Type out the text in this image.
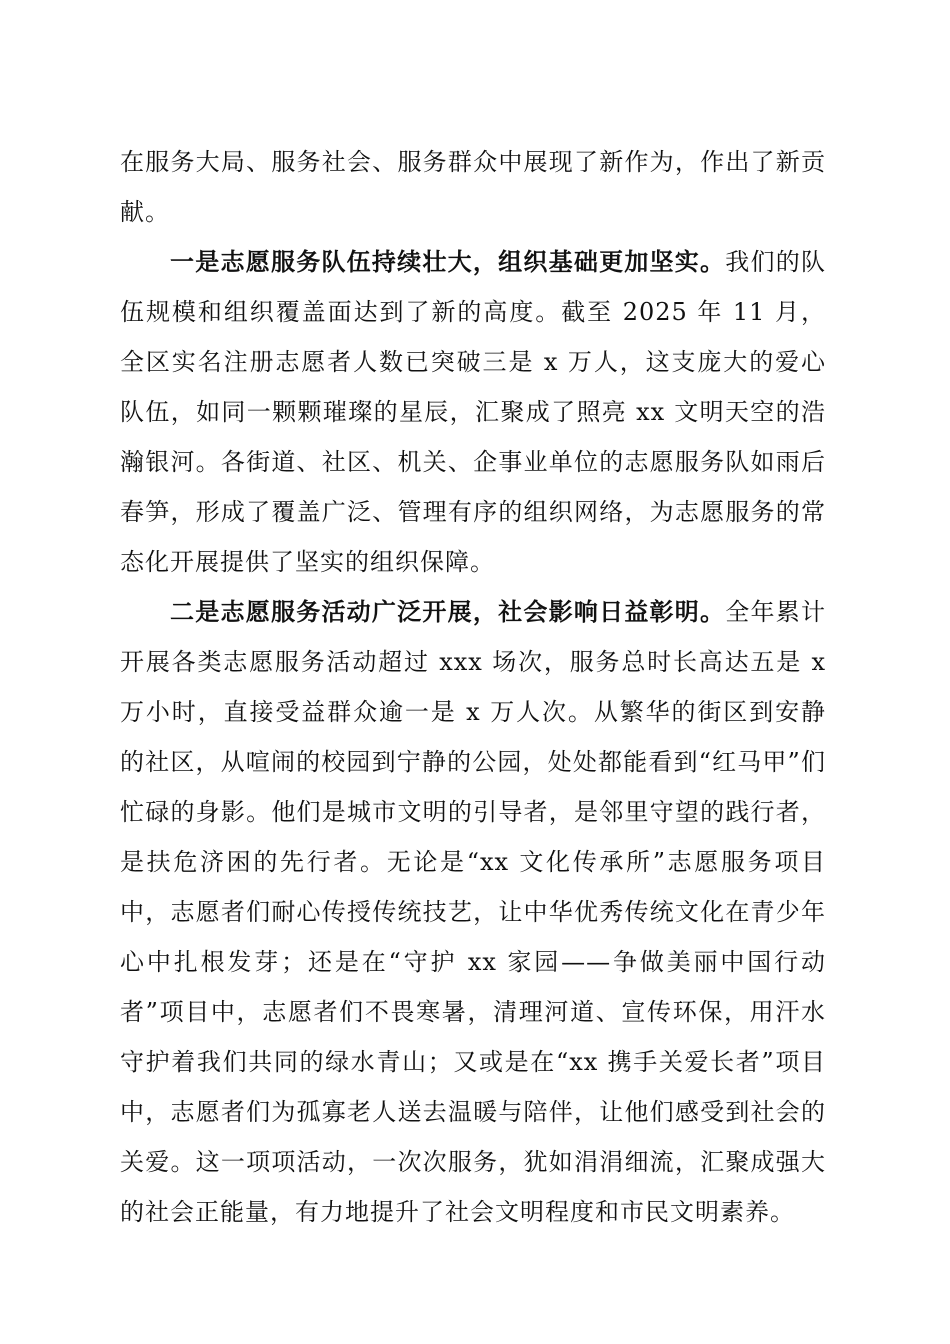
在服务大局、服务社会、服务群众中展现了新作为，作出了新贡献。

一是志愿服务队伍持续壮大，组织基础更加坚实。我们的队伍规模和组织覆盖面达到了新的高度。截至 2025 年 11 月，全区实名注册志愿者人数已突破三是 x 万人，这支庞大的爱心队伍，如同一颗颗璀璨的星辰，汇聚成了照亮 xx 文明天空的浩瀚银河。各街道、社区、机关、企事业单位的志愿服务队如雨后春笋，形成了覆盖广泛、管理有序的组织网络，为志愿服务的常态化开展提供了坚实的组织保障。

二是志愿服务活动广泛开展，社会影响日益彰明。全年累计开展各类志愿服务活动超过 xxx 场次，服务总时长高达五是 x 万小时，直接受益群众逾一是 x 万人次。从繁华的街区到安静的社区，从喧闹的校园到宁静的公园，处处都能看到“红马甲”们忙碌的身影。他们是城市文明的引导者，是邻里守望的践行者，是扶危济困的先行者。无论是“xx 文化传承所”志愿服务项目中，志愿者们耐心传授传统技艺，让中华优秀传统文化在青少年心中扎根发芽；还是在“守护 xx 家园——争做美丽中国行动者”项目中，志愿者们不畏寒暑，清理河道、宣传环保，用汗水守护着我们共同的绿水青山；又或是在“xx 携手关爱长者”项目中，志愿者们为孤寡老人送去温暖与陪伴，让他们感受到社会的关爱。这一项项活动，一次次服务，犹如涓涓细流，汇聚成强大的社会正能量，有力地提升了社会文明程度和市民文明素养。
